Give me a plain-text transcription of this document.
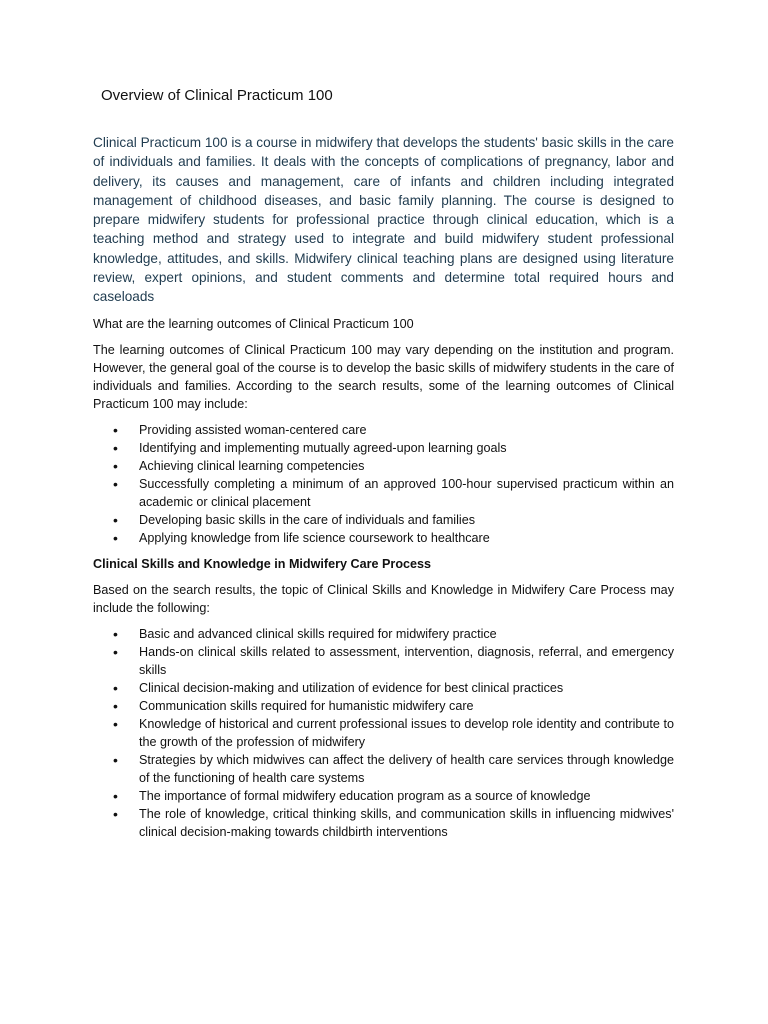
Overview of Clinical Practicum 100

Clinical Practicum 100 is a course in midwifery that develops the students' basic skills in the care of individuals and families. It deals with the concepts of complications of pregnancy, labor and delivery, its causes and management, care of infants and children including integrated management of childhood diseases, and basic family planning. The course is designed to prepare midwifery students for professional practice through clinical education, which is a teaching method and strategy used to integrate and build midwifery student professional knowledge, attitudes, and skills. Midwifery clinical teaching plans are designed using literature review, expert opinions, and student comments and determine total required hours and caseloads

What are the learning outcomes of Clinical Practicum 100

The learning outcomes of Clinical Practicum 100 may vary depending on the institution and program. However, the general goal of the course is to develop the basic skills of midwifery students in the care of individuals and families. According to the search results, some of the learning outcomes of Clinical Practicum 100 may include:

• Providing assisted woman-centered care
• Identifying and implementing mutually agreed-upon learning goals
• Achieving clinical learning competencies
• Successfully completing a minimum of an approved 100-hour supervised practicum within an academic or clinical placement
• Developing basic skills in the care of individuals and families
• Applying knowledge from life science coursework to healthcare

Clinical Skills and Knowledge in Midwifery Care Process

Based on the search results, the topic of Clinical Skills and Knowledge in Midwifery Care Process may include the following:

• Basic and advanced clinical skills required for midwifery practice
• Hands-on clinical skills related to assessment, intervention, diagnosis, referral, and emergency skills
• Clinical decision-making and utilization of evidence for best clinical practices
• Communication skills required for humanistic midwifery care
• Knowledge of historical and current professional issues to develop role identity and contribute to the growth of the profession of midwifery
• Strategies by which midwives can affect the delivery of health care services through knowledge of the functioning of health care systems
• The importance of formal midwifery education program as a source of knowledge
• The role of knowledge, critical thinking skills, and communication skills in influencing midwives' clinical decision-making towards childbirth interventions
